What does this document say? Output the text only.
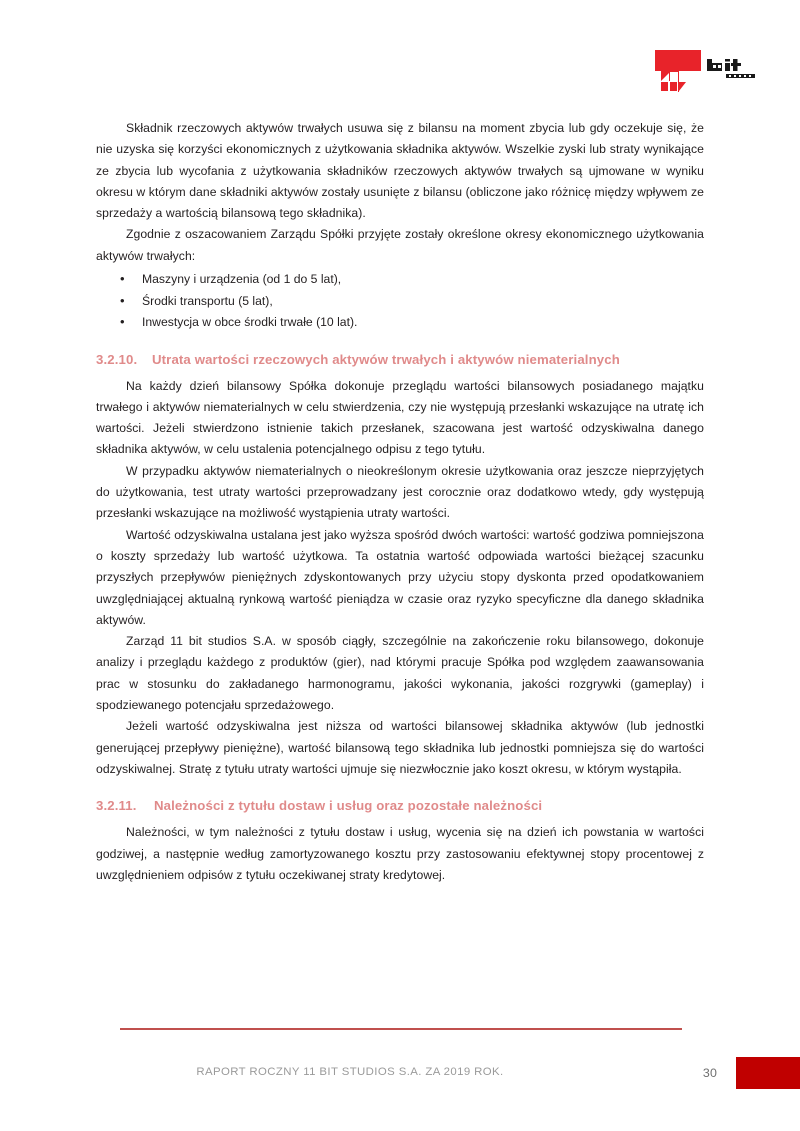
Składnik rzeczowych aktywów trwałych usuwa się z bilansu na moment zbycia lub gdy oczekuje się, że nie uzyska się korzyści ekonomicznych z użytkowania składnika aktywów. Wszelkie zyski lub straty wynikające ze zbycia lub wycofania z użytkowania składników rzeczowych aktywów trwałych są ujmowane w wyniku okresu w którym dane składniki aktywów zostały usunięte z bilansu (obliczone jako różnicę między wpływem ze sprzedaży a wartością bilansową tego składnika).

Zgodnie z oszacowaniem Zarządu Spółki przyjęte zostały określone okresy ekonomicznego użytkowania aktywów trwałych:

• Maszyny i urządzenia (od 1 do 5 lat),
• Środki transportu (5 lat),
• Inwestycja w obce środki trwałe (10 lat).
3.2.10.	Utrata wartości rzeczowych aktywów trwałych i aktywów niematerialnych

Na każdy dzień bilansowy Spółka dokonuje przeglądu wartości bilansowych posiadanego majątku trwałego i aktywów niematerialnych w celu stwierdzenia, czy nie występują przesłanki wskazujące na utratę ich wartości. Jeżeli stwierdzono istnienie takich przesłanek, szacowana jest wartość odzyskiwalna danego składnika aktywów, w celu ustalenia potencjalnego odpisu z tego tytułu.

W przypadku aktywów niematerialnych o nieokreślonym okresie użytkowania oraz jeszcze nieprzyjętych do użytkowania, test utraty wartości przeprowadzany jest corocznie oraz dodatkowo wtedy, gdy występują przesłanki wskazujące na możliwość wystąpienia utraty wartości.

Wartość odzyskiwalna ustalana jest jako wyższa spośród dwóch wartości: wartość godziwa pomniejszona o koszty sprzedaży lub wartość użytkowa. Ta ostatnia wartość odpowiada wartości bieżącej szacunku przyszłych przepływów pieniężnych zdyskontowanych przy użyciu stopy dyskonta przed opodatkowaniem uwzględniającej aktualną rynkową wartość pieniądza w czasie oraz ryzyko specyficzne dla danego składnika aktywów.

Zarząd 11 bit studios S.A. w sposób ciągły, szczególnie na zakończenie roku bilansowego, dokonuje analizy i przeglądu każdego z produktów (gier), nad którymi pracuje Spółka pod względem zaawansowania prac w stosunku do zakładanego harmonogramu, jakości wykonania, jakości rozgrywki (gameplay) i spodziewanego potencjału sprzedażowego.

Jeżeli wartość odzyskiwalna jest niższa od wartości bilansowej składnika aktywów (lub jednostki generującej przepływy pieniężne), wartość bilansową tego składnika lub jednostki pomniejsza się do wartości odzyskiwalnej. Stratę z tytułu utraty wartości ujmuje się niezwłocznie jako koszt okresu, w którym wystąpiła.

3.2.11.	Należności z tytułu dostaw i usług oraz pozostałe należności

Należności, w tym należności z tytułu dostaw i usług, wycenia się na dzień ich powstania w wartości godziwej, a następnie według zamortyzowanego kosztu przy zastosowaniu efektywnej stopy procentowej z uwzględnieniem odpisów z tytułu oczekiwanej straty kredytowej.

RAPORT ROCZNY 11 BIT STUDIOS S.A. ZA 2019 ROK.	30
